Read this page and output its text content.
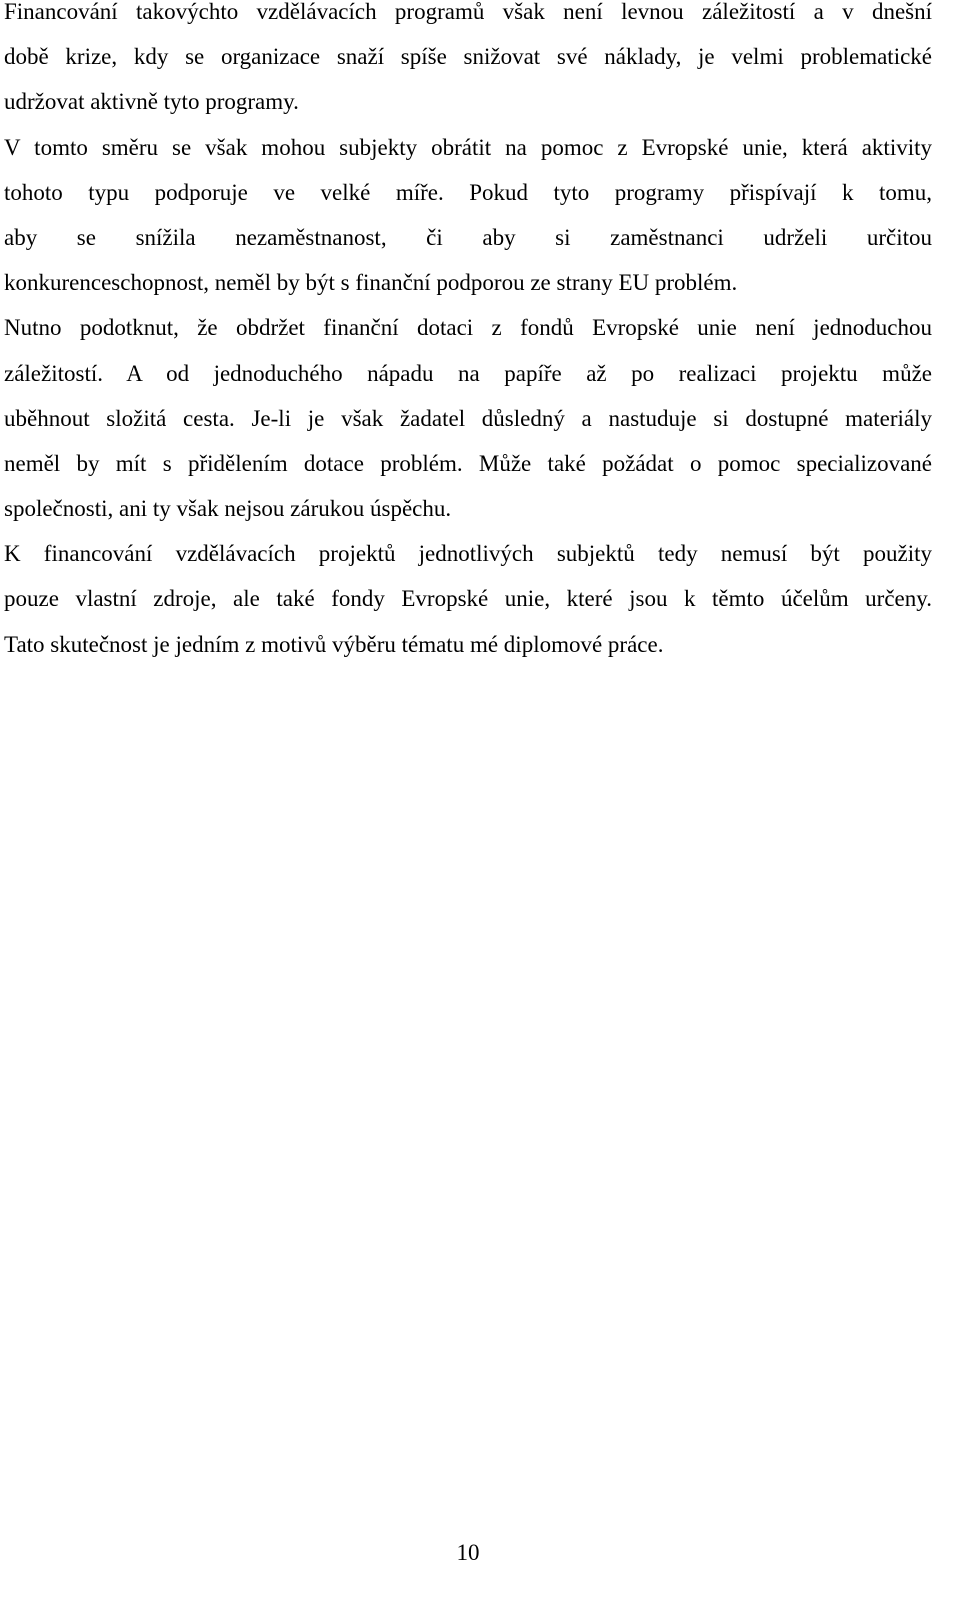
Financování takovýchto vzdělávacích programů však není levnou záležitostí a v dnešní
době krize, kdy se organizace snaží spíše snižovat své náklady, je velmi problematické
udržovat aktivně tyto programy.
V tomto směru se však mohou subjekty obrátit na pomoc z Evropské unie, která aktivity
tohoto typu podporuje ve velké míře. Pokud tyto programy přispívají k tomu,
aby se snížila nezaměstnanost, či aby si zaměstnanci udrželi určitou
konkurenceschopnost, neměl by být s finanční podporou ze strany EU problém.
Nutno podotknut, že obdržet finanční dotaci z fondů Evropské unie není jednoduchou
záležitostí. A od jednoduchého nápadu na papíře až po realizaci projektu může
uběhnout složitá cesta. Je-li je však žadatel důsledný a nastuduje si dostupné materiály
neměl by mít s přidělením dotace problém. Může také požádat o pomoc specializované
společnosti, ani ty však nejsou zárukou úspěchu.
K financování vzdělávacích projektů jednotlivých subjektů tedy nemusí být použity
pouze vlastní zdroje, ale také fondy Evropské unie, které jsou k těmto účelům určeny.
Tato skutečnost je jedním z motivů výběru tématu mé diplomové práce.
10
